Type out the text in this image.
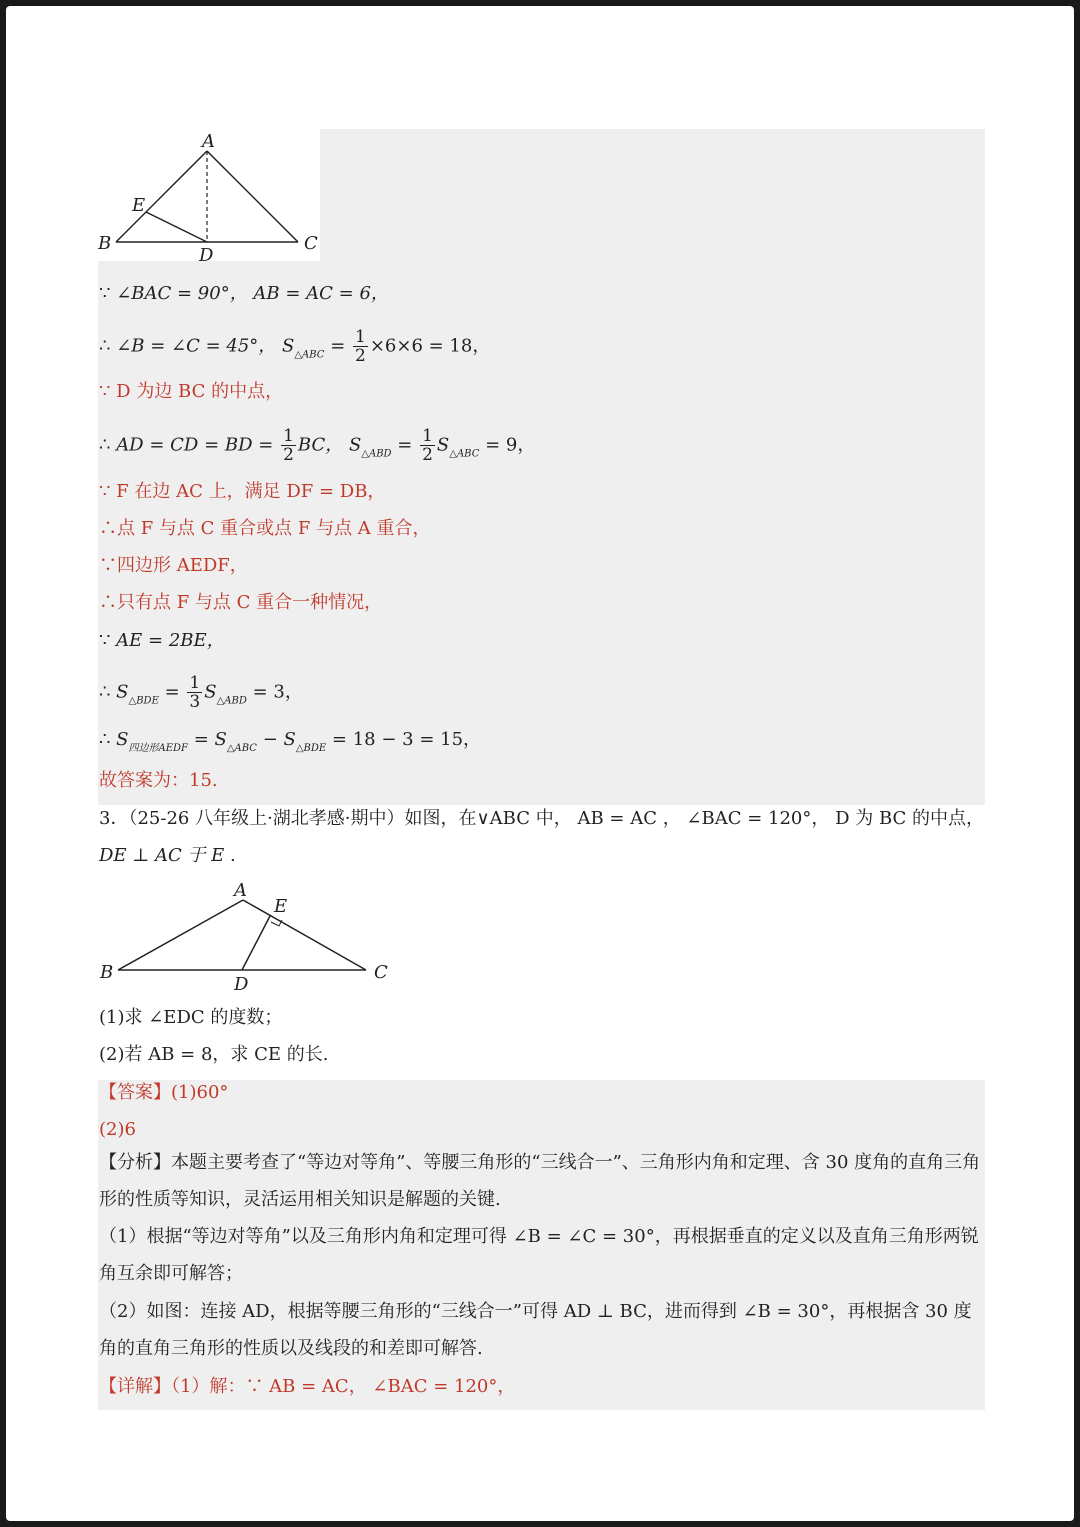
A
E
B
D
C
∵ ∠BAC = 90°， AB = AC = 6，
∴ ∠B = ∠C = 45°， $S_{\triangle ABC} = \frac{1}{2} \times 6\times 6 = 18$，
∵ D 为边 BC 的中点，
∴ AD = CD = BD = $\frac{1}{2}$ BC， $S_{\triangle ABD} = \frac{1}{2} S_{\triangle ABC} = 9$，
∵ F 在边 AC 上，满足 DF = DB，
∴点 F 与点 C 重合或点 F 与点 A 重合，
∵四边形 AEDF，
∴只有点 F 与点 C 重合一种情况，
∵ AE = 2BE，
∴ $S_{\triangle BDE} = \frac{1}{3} S_{\triangle ABD} = 3$，
∴ $S_{四边形AEDF} = S_{\triangle ABC} - S_{\triangle BDE} = 18 - 3 = 15$，
故答案为：15.
3．（25-26 八年级上·湖北孝感·期中）如图，在∨ABC 中， AB = AC ， ∠BAC = 120°， D 为 BC 的中点，
DE ⊥ AC 于 E .
A
E
B
D
C
(1)求 ∠EDC 的度数；
(2)若 AB = 8，求 CE 的长.
【答案】(1)60°
(2)6
【分析】本题主要考查了“等边对等角”、等腰三角形的“三线合一”、三角形内角和定理、含 30 度角的直角三角形的性质等知识，灵活运用相关知识是解题的关键.
（1）根据“等边对等角”以及三角形内角和定理可得 ∠B = ∠C = 30°，再根据垂直的定义以及直角三角形两锐角互余即可解答；
（2）如图：连接 AD，根据等腰三角形的“三线合一”可得 AD ⊥ BC，进而得到 ∠B = 30°，再根据含 30 度角的直角三角形的性质以及线段的和差即可解答.
【详解】（1）解：∵ AB = AC， ∠BAC = 120°，
